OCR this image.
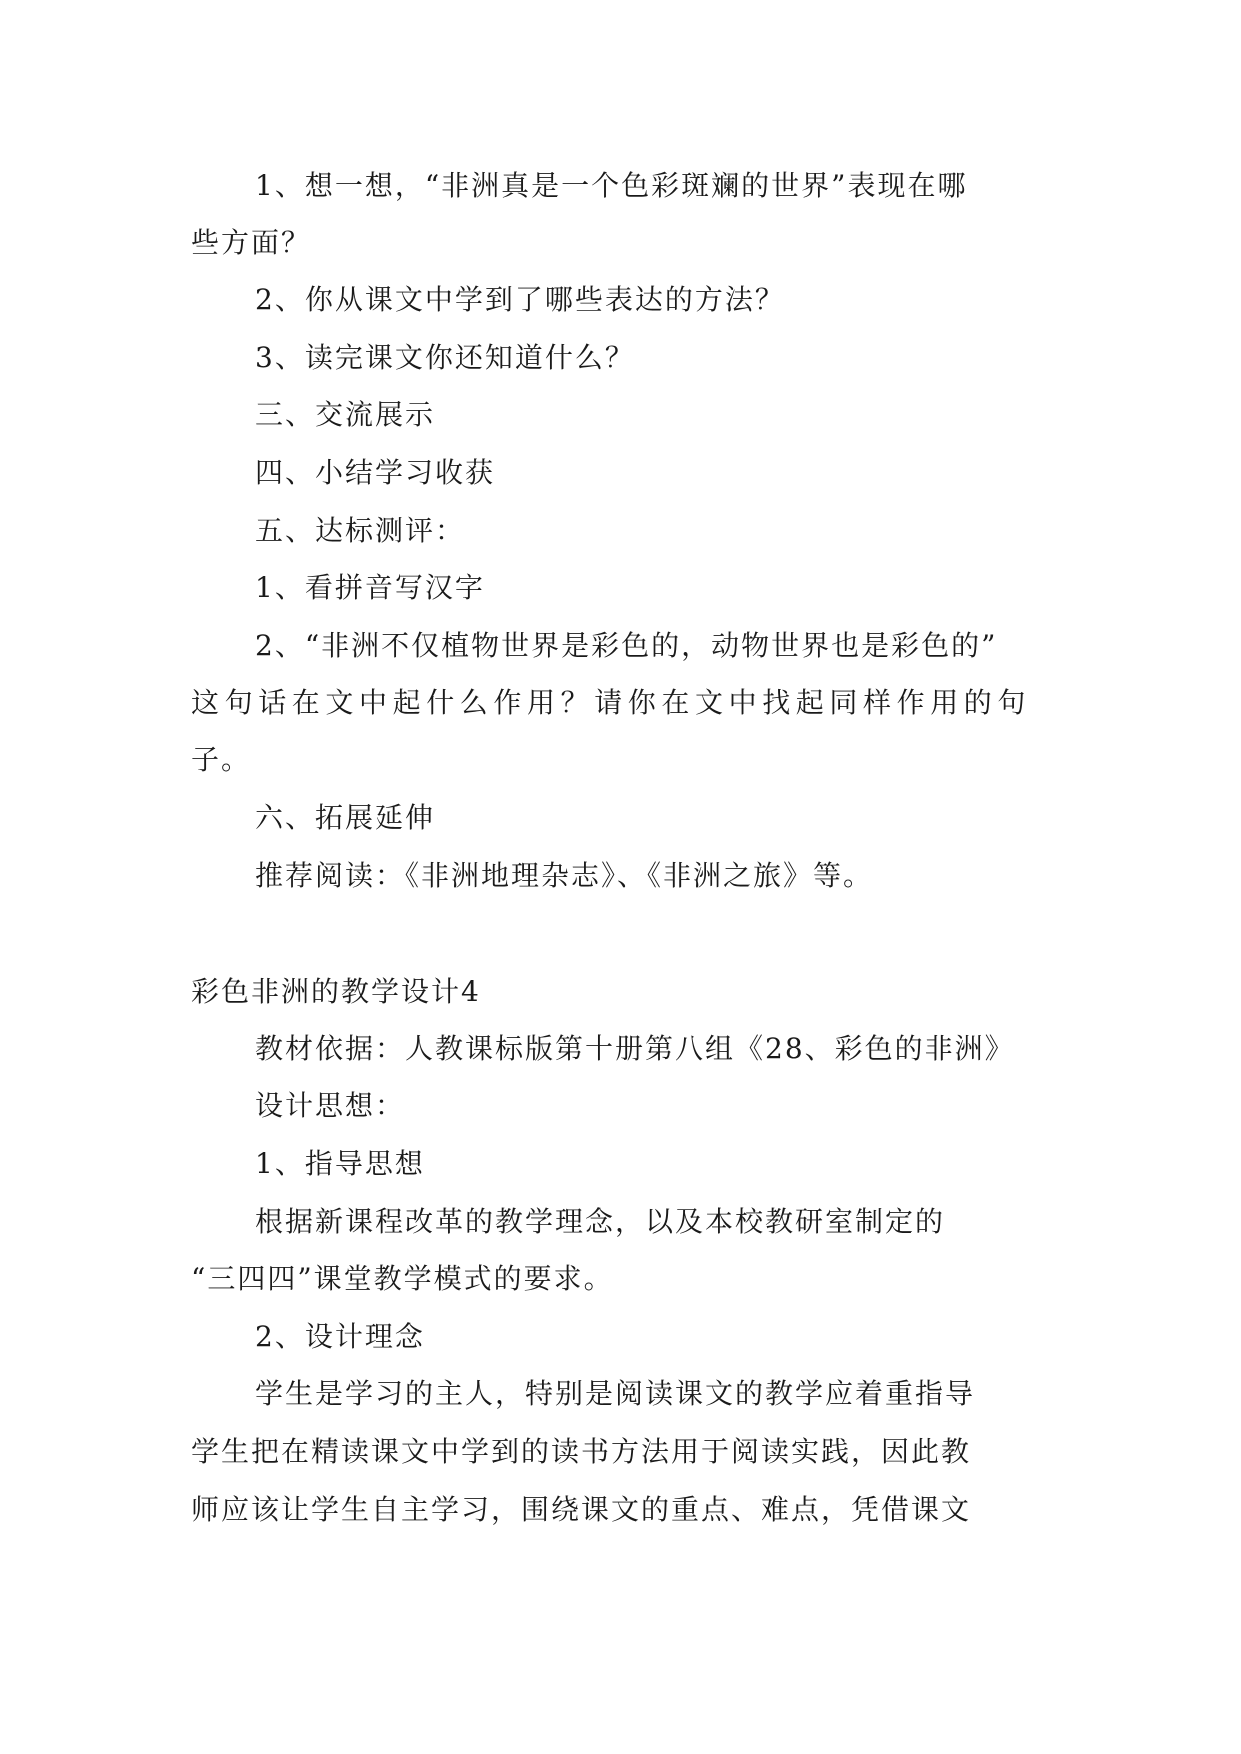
1、想一想，“非洲真是一个色彩斑斓的世界”表现在哪
些方面？
2、你从课文中学到了哪些表达的方法？
3、读完课文你还知道什么？
三、交流展示
四、小结学习收获
五、达标测评：
1、看拼音写汉字
2、“非洲不仅植物世界是彩色的，动物世界也是彩色的”
这句话在文中起什么作用？请你在文中找起同样作用的句
子。
六、拓展延伸
推荐阅读：《非洲地理杂志》、《非洲之旅》等。
彩色非洲的教学设计4
教材依据：人教课标版第十册第八组《28、彩色的非洲》
设计思想：
1、指导思想
根据新课程改革的教学理念，以及本校教研室制定的
“三四四”课堂教学模式的要求。
2、设计理念
学生是学习的主人，特别是阅读课文的教学应着重指导
学生把在精读课文中学到的读书方法用于阅读实践，因此教
师应该让学生自主学习，围绕课文的重点、难点，凭借课文
